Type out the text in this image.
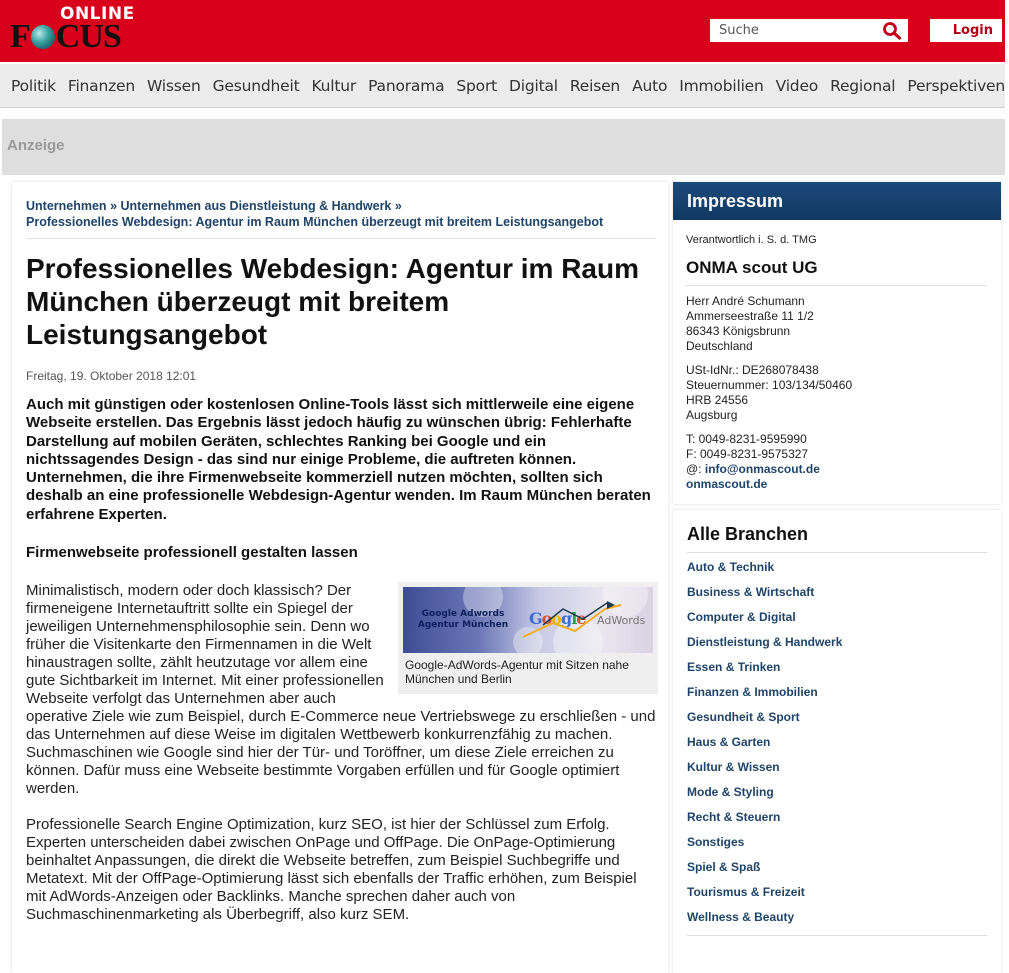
ONLINE
F CUS
Suche	Login
Politik Finanzen Wissen Gesundheit Kultur Panorama Sport Digital Reisen Auto Immobilien Video Regional Perspektiven
Anzeige
Unternehmen » Unternehmen aus Dienstleistung & Handwerk »
Professionelles Webdesign: Agentur im Raum München überzeugt mit breitem Leistungsangebot
Professionelles Webdesign: Agentur im Raum München überzeugt mit breitem Leistungsangebot
Freitag, 19. Oktober 2018 12:01

Auch mit günstigen oder kostenlosen Online-Tools lässt sich mittlerweile eine eigene Webseite erstellen. Das Ergebnis lässt jedoch häufig zu wünschen übrig: Fehlerhafte Darstellung auf mobilen Geräten, schlechtes Ranking bei Google und ein nichtssagendes Design - das sind nur einige Probleme, die auftreten können. Unternehmen, die ihre Firmenwebseite kommerziell nutzen möchten, sollten sich deshalb an eine professionelle Webdesign-Agentur wenden. Im Raum München beraten erfahrene Experten.

Firmenwebseite professionell gestalten lassen
Google Adwords Agentur München Google AdWords
Google-AdWords-Agentur mit Sitzen nahe München und Berlin
Minimalistisch, modern oder doch klassisch? Der firmeneigene Internetauftritt sollte ein Spiegel der jeweiligen Unternehmensphilosophie sein. Denn wo früher die Visitenkarte den Firmennamen in die Welt hinaustragen sollte, zählt heutzutage vor allem eine gute Sichtbarkeit im Internet. Mit einer professionellen Webseite verfolgt das Unternehmen aber auch operative Ziele wie zum Beispiel, durch E-Commerce neue Vertriebswege zu erschließen - und das Unternehmen auf diese Weise im digitalen Wettbewerb konkurrenzfähig zu machen. Suchmaschinen wie Google sind hier der Tür- und Toröffner, um diese Ziele erreichen zu können. Dafür muss eine Webseite bestimmte Vorgaben erfüllen und für Google optimiert werden.

Professionelle Search Engine Optimization, kurz SEO, ist hier der Schlüssel zum Erfolg. Experten unterscheiden dabei zwischen OnPage und OffPage. Die OnPage-Optimierung beinhaltet Anpassungen, die direkt die Webseite betreffen, zum Beispiel Suchbegriffe und Metatext. Mit der OffPage-Optimierung lässt sich ebenfalls der Traffic erhöhen, zum Beispiel mit AdWords-Anzeigen oder Backlinks. Manche sprechen daher auch von Suchmaschinenmarketing als Überbegriff, also kurz SEM.

Impressum
Verantwortlich i. S. d. TMG
ONMA scout UG
Herr André Schumann
Ammerseestraße 11 1/2
86343 Königsbrunn
Deutschland
USt-IdNr.: DE268078438
Steuernummer: 103/134/50460
HRB 24556
Augsburg
T: 0049-8231-9595990
F: 0049-8231-9575327
@: info@onmascout.de
onmascout.de
Alle Branchen
Auto & Technik
Business & Wirtschaft
Computer & Digital
Dienstleistung & Handwerk
Essen & Trinken
Finanzen & Immobilien
Gesundheit & Sport
Haus & Garten
Kultur & Wissen
Mode & Styling
Recht & Steuern
Sonstiges
Spiel & Spaß
Tourismus & Freizeit
Wellness & Beauty
